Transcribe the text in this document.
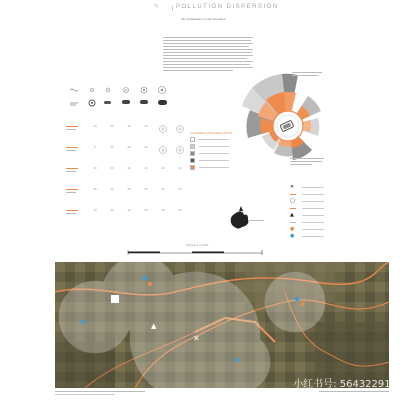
✎	POLLUTION DISPERSION
the modelisation of risk scenarios
10	20	40	25
5	30	20	20
10	30	30	10	20	10
15	20	25	20	20	10
10	20	40	25	20	20
CLASSIFICATION DES VENTS
✕
▢
▲
●
●
SCALE 1:10 000
▲
✕
小红书号: 564322910
